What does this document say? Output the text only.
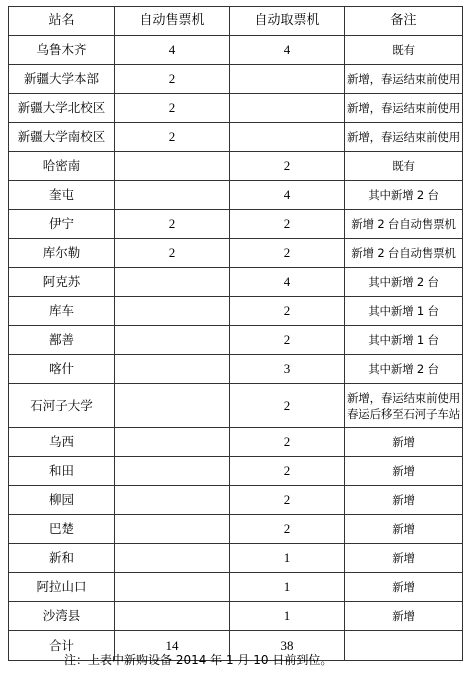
站名	自动售票机	自动取票机	备注
乌鲁木齐	4	4	既有
新疆大学本部	2		新增，春运结束前使用
新疆大学北校区	2		新增，春运结束前使用
新疆大学南校区	2		新增，春运结束前使用
哈密南		2	既有
奎屯		4	其中新增 2 台
伊宁	2	2	新增 2 台自动售票机
库尔勒	2	2	新增 2 台自动售票机
阿克苏		4	其中新增 2 台
库车		2	其中新增 1 台
鄯善		2	其中新增 1 台
喀什		3	其中新增 2 台
石河子大学		2	新增，春运结束前使用
春运后移至石河子车站

乌西		2	新增
和田		2	新增
柳园		2	新增
巴楚		2	新增
新和		1	新增
阿拉山口		1	新增
沙湾县		1	新增
合计	14	38	
注：上表中新购设备 2014 年 1 月 10 日前到位。
